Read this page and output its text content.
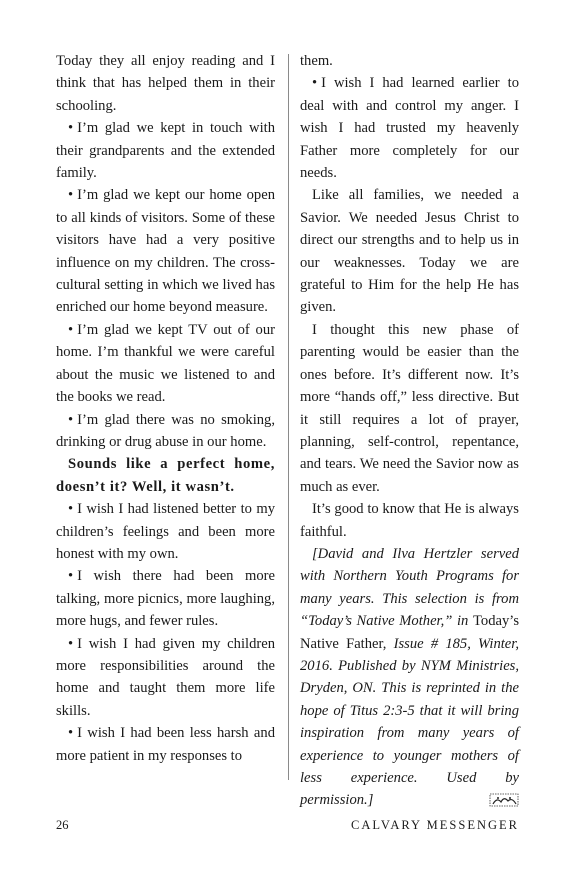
Today they all enjoy reading and I think that has helped them in their schooling.

• I’m glad we kept in touch with their grandparents and the extended family.

• I’m glad we kept our home open to all kinds of visitors. Some of these visitors have had a very positive influence on my children. The cross-cultural setting in which we lived has enriched our home beyond measure.

• I’m glad we kept TV out of our home. I’m thankful we were careful about the music we listened to and the books we read.

• I’m glad there was no smoking, drinking or drug abuse in our home.

Sounds like a perfect home, doesn’t it? Well, it wasn’t.

• I wish I had listened better to my children’s feelings and been more honest with my own.

• I wish there had been more talking, more picnics, more laughing, more hugs, and fewer rules.

• I wish I had given my children more responsibilities around the home and taught them more life skills.

• I wish I had been less harsh and more patient in my responses to

them.

• I wish I had learned earlier to deal with and control my anger. I wish I had trusted my heavenly Father more completely for our needs.

Like all families, we needed a Savior. We needed Jesus Christ to direct our strengths and to help us in our weaknesses. Today we are grateful to Him for the help He has given.

I thought this new phase of parenting would be easier than the ones before. It’s different now. It’s more “hands off,” less directive. But it still requires a lot of prayer, planning, self-control, repentance, and tears. We need the Savior now as much as ever.

It’s good to know that He is always faithful.

[David and Ilva Hertzler served with Northern Youth Programs for many years. This selection is from “Today’s Native Mother,” in Today’s Native Father, Issue # 185, Winter, 2016. Published by NYM Ministries, Dryden, ON. This is reprinted in the hope of Titus 2:3-5 that it will bring inspiration from many years of experience to younger mothers of less experience. Used by permission.]

26	CALVARY MESSENGER
